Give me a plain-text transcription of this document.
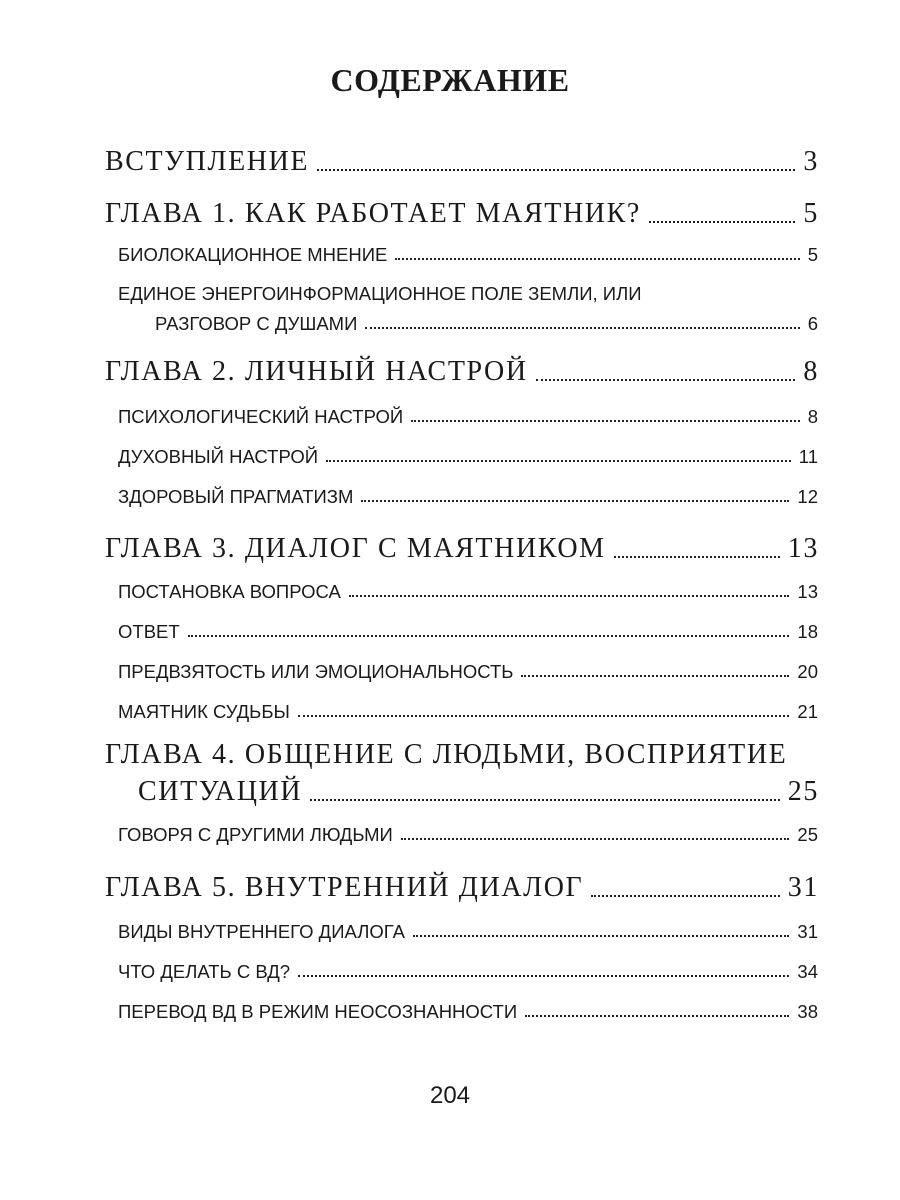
СОДЕРЖАНИЕ
ВСТУПЛЕНИЕ	3
ГЛАВА 1. КАК РАБОТАЕТ МАЯТНИК?	5
БИОЛОКАЦИОННОЕ МНЕНИЕ	5
ЕДИНОЕ ЭНЕРГОИНФОРМАЦИОННОЕ ПОЛЕ ЗЕМЛИ, ИЛИ
РАЗГОВОР С ДУШАМИ	6
ГЛАВА 2. ЛИЧНЫЙ НАСТРОЙ	8
ПСИХОЛОГИЧЕСКИЙ НАСТРОЙ	8
ДУХОВНЫЙ НАСТРОЙ	11
ЗДОРОВЫЙ ПРАГМАТИЗМ	12
ГЛАВА 3. ДИАЛОГ С МАЯТНИКОМ	13
ПОСТАНОВКА ВОПРОСА	13
ОТВЕТ	18
ПРЕДВЗЯТОСТЬ ИЛИ ЭМОЦИОНАЛЬНОСТЬ	20
МАЯТНИК СУДЬБЫ	21
ГЛАВА 4. ОБЩЕНИЕ С ЛЮДЬМИ, ВОСПРИЯТИЕ
СИТУАЦИЙ	25
ГОВОРЯ С ДРУГИМИ ЛЮДЬМИ	25
ГЛАВА 5. ВНУТРЕННИЙ ДИАЛОГ	31
ВИДЫ ВНУТРЕННЕГО ДИАЛОГА	31
ЧТО ДЕЛАТЬ С ВД?	34
ПЕРЕВОД ВД В РЕЖИМ НЕОСОЗНАННОСТИ	38
204
